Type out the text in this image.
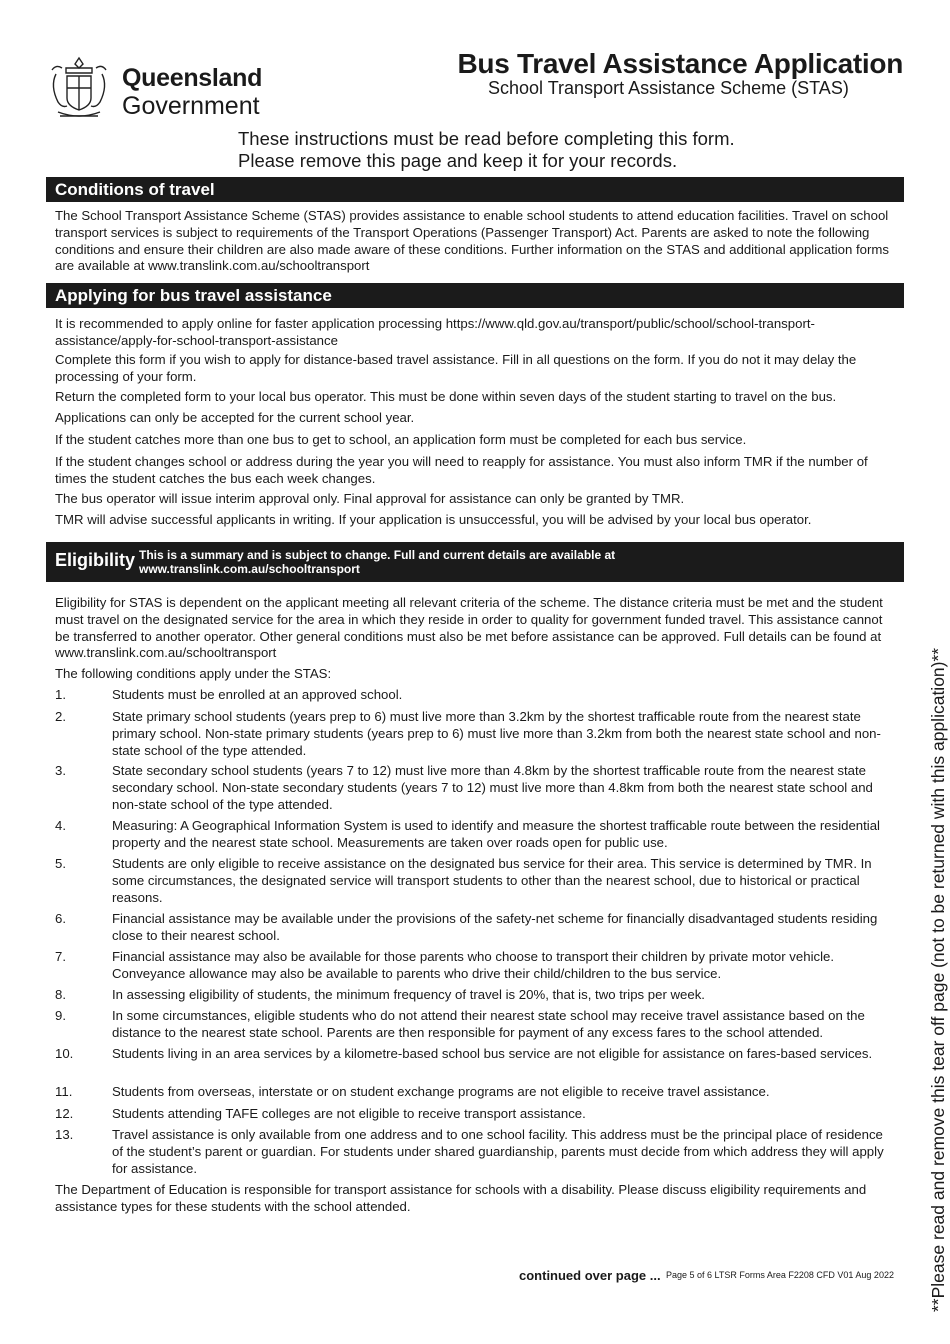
Queensland
Government
Bus Travel Assistance Application
School Transport Assistance Scheme (STAS)
These instructions must be read before completing this form.
Please remove this page and keep it for your records.
Conditions of travel
The School Transport Assistance Scheme (STAS) provides assistance to enable school students to attend education facilities. Travel on school transport services is subject to requirements of the Transport Operations (Passenger Transport) Act. Parents are asked to note the following conditions and ensure their children are also made aware of these conditions. Further information on the STAS and additional application forms are available at www.translink.com.au/schooltransport
Applying for bus travel assistance
It is recommended to apply online for faster application processing https://www.qld.gov.au/transport/public/school/school-transport-assistance/apply-for-school-transport-assistance
Complete this form if you wish to apply for distance-based travel assistance. Fill in all questions on the form. If you do not it may delay the processing of your form.
Return the completed form to your local bus operator. This must be done within seven days of the student starting to travel on the bus.
Applications can only be accepted for the current school year.
If the student catches more than one bus to get to school, an application form must be completed for each bus service.
If the student changes school or address during the year you will need to reapply for assistance. You must also inform TMR if the number of times the student catches the bus each week changes.
The bus operator will issue interim approval only. Final approval for assistance can only be granted by TMR.
TMR will advise successful applicants in writing. If your application is unsuccessful, you will be advised by your local bus operator.
Eligibility This is a summary and is subject to change. Full and current details are available at www.translink.com.au/schooltransport
Eligibility for STAS is dependent on the applicant meeting all relevant criteria of the scheme. The distance criteria must be met and the student must travel on the designated service for the area in which they reside in order to quality for government funded travel. This assistance cannot be transferred to another operator. Other general conditions must also be met before assistance can be approved. Full details can be found at www.translink.com.au/schooltransport
The following conditions apply under the STAS:
1.	Students must be enrolled at an approved school.
2.	State primary school students (years prep to 6) must live more than 3.2km by the shortest trafficable route from the nearest state primary school. Non-state primary students (years prep to 6) must live more than 3.2km from both the nearest state school and non-state school of the type attended.
3.	State secondary school students (years 7 to 12) must live more than 4.8km by the shortest trafficable route from the nearest state secondary school. Non-state secondary students (years 7 to 12) must live more than 4.8km from both the nearest state school and non-state school of the type attended.
4.	Measuring: A Geographical Information System is used to identify and measure the shortest trafficable route between the residential property and the nearest state school. Measurements are taken over roads open for public use.
5.	Students are only eligible to receive assistance on the designated bus service for their area. This service is determined by TMR. In some circumstances, the designated service will transport students to other than the nearest school, due to historical or practical reasons.
6.	Financial assistance may be available under the provisions of the safety-net scheme for financially disadvantaged students residing close to their nearest school.
7.	Financial assistance may also be available for those parents who choose to transport their children by private motor vehicle. Conveyance allowance may also be available to parents who drive their child/children to the bus service.
8.	In assessing eligibility of students, the minimum frequency of travel is 20%, that is, two trips per week.
9.	In some circumstances, eligible students who do not attend their nearest state school may receive travel assistance based on the distance to the nearest state school. Parents are then responsible for payment of any excess fares to the school attended.
10.	Students living in an area services by a kilometre-based school bus service are not eligible for assistance on fares-based services.
11.	Students from overseas, interstate or on student exchange programs are not eligible to receive travel assistance.
12.	Students attending TAFE colleges are not eligible to receive transport assistance.
13.	Travel assistance is only available from one address and to one school facility. This address must be the principal place of residence of the student’s parent or guardian. For students under shared guardianship, parents must decide from which address they will apply for assistance.
The Department of Education is responsible for transport assistance for schools with a disability. Please discuss eligibility requirements and assistance types for these students with the school attended.	**Please read and remove this tear off page (not to be returned with this application)**
continued over page ... Page 5 of 6 LTSR Forms Area F2208 CFD V01 Aug 2022
